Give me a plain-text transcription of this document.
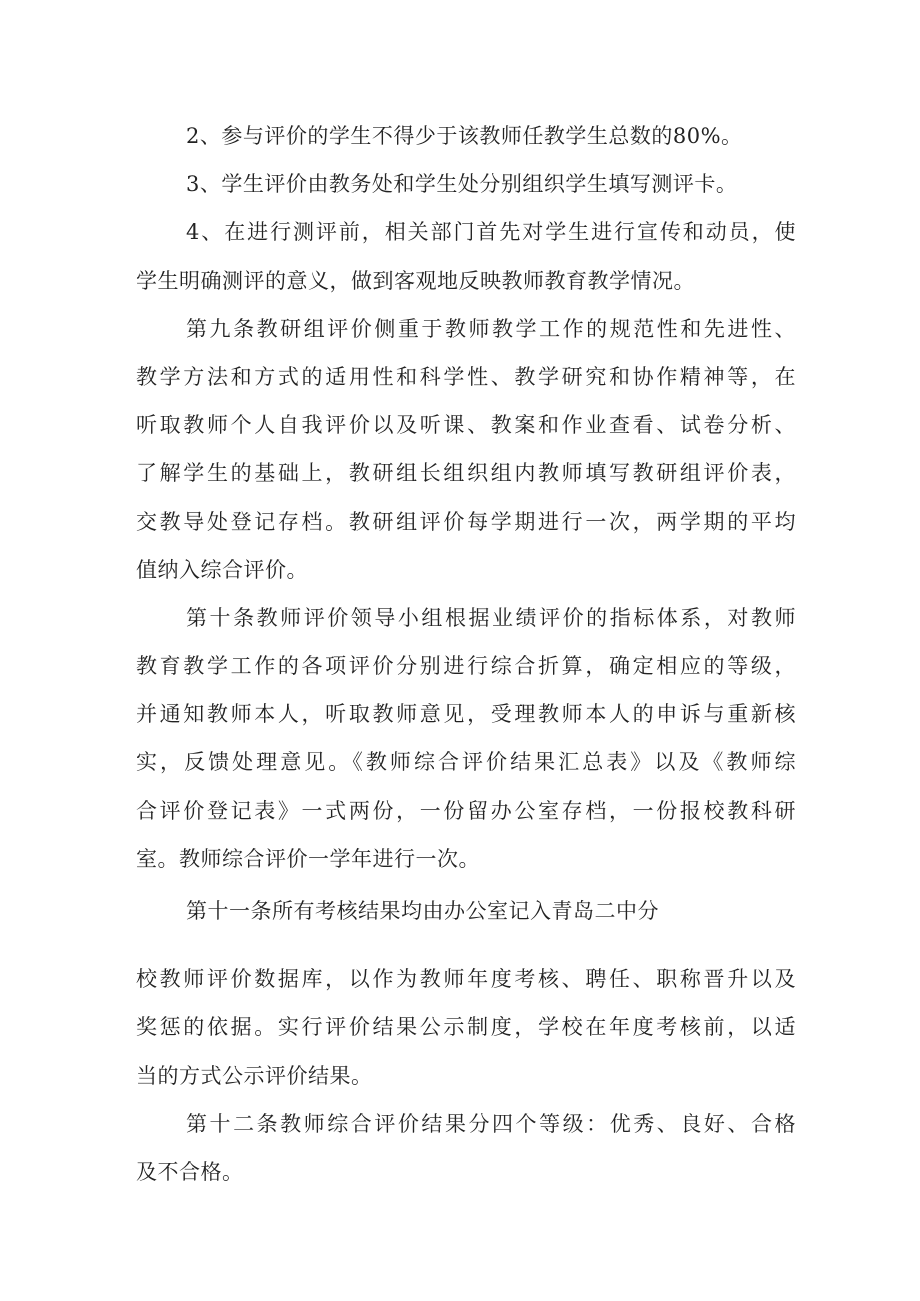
2、参与评价的学生不得少于该教师任教学生总数的80%。

3、学生评价由教务处和学生处分别组织学生填写测评卡。

4、在进行测评前，相关部门首先对学生进行宣传和动员，使

学生明确测评的意义，做到客观地反映教师教育教学情况。

第九条教研组评价侧重于教师教学工作的规范性和先进性、

教学方法和方式的适用性和科学性、教学研究和协作精神等，在

听取教师个人自我评价以及听课、教案和作业查看、试卷分析、

了解学生的基础上，教研组长组织组内教师填写教研组评价表，

交教导处登记存档。教研组评价每学期进行一次，两学期的平均

值纳入综合评价。

第十条教师评价领导小组根据业绩评价的指标体系，对教师

教育教学工作的各项评价分别进行综合折算，确定相应的等级，

并通知教师本人，听取教师意见，受理教师本人的申诉与重新核

实，反馈处理意见。《教师综合评价结果汇总表》以及《教师综

合评价登记表》一式两份，一份留办公室存档，一份报校教科研

室。教师综合评价一学年进行一次。

第十一条所有考核结果均由办公室记入青岛二中分

校教师评价数据库，以作为教师年度考核、聘任、职称晋升以及

奖惩的依据。实行评价结果公示制度，学校在年度考核前，以适

当的方式公示评价结果。

第十二条教师综合评价结果分四个等级：优秀、良好、合格

及不合格。
